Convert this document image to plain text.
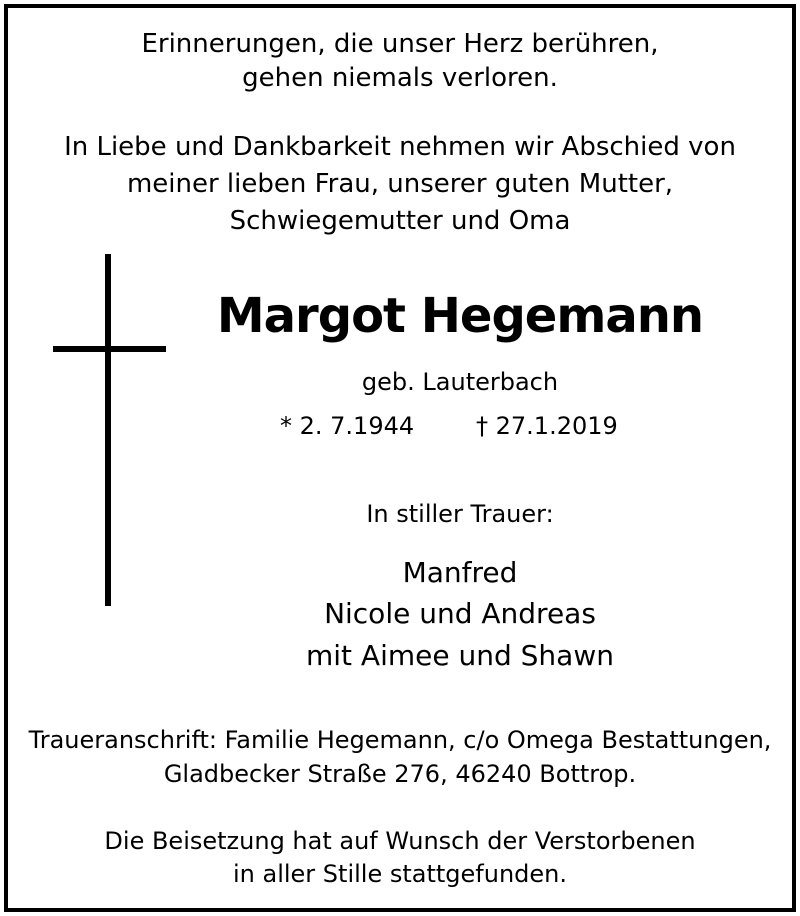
Erinnerungen, die unser Herz berühren,
gehen niemals verloren.
In Liebe und Dankbarkeit nehmen wir Abschied von
meiner lieben Frau, unserer guten Mutter,
Schwiegemutter und Oma
Margot Hegemann
geb. Lauterbach
* 2. 7.1944	† 27.1.2019
In stiller Trauer:
Manfred
Nicole und Andreas
mit Aimee und Shawn
Traueranschrift: Familie Hegemann, c/o Omega Bestattungen,
Gladbecker Straße 276, 46240 Bottrop.
Die Beisetzung hat auf Wunsch der Verstorbenen
in aller Stille stattgefunden.
